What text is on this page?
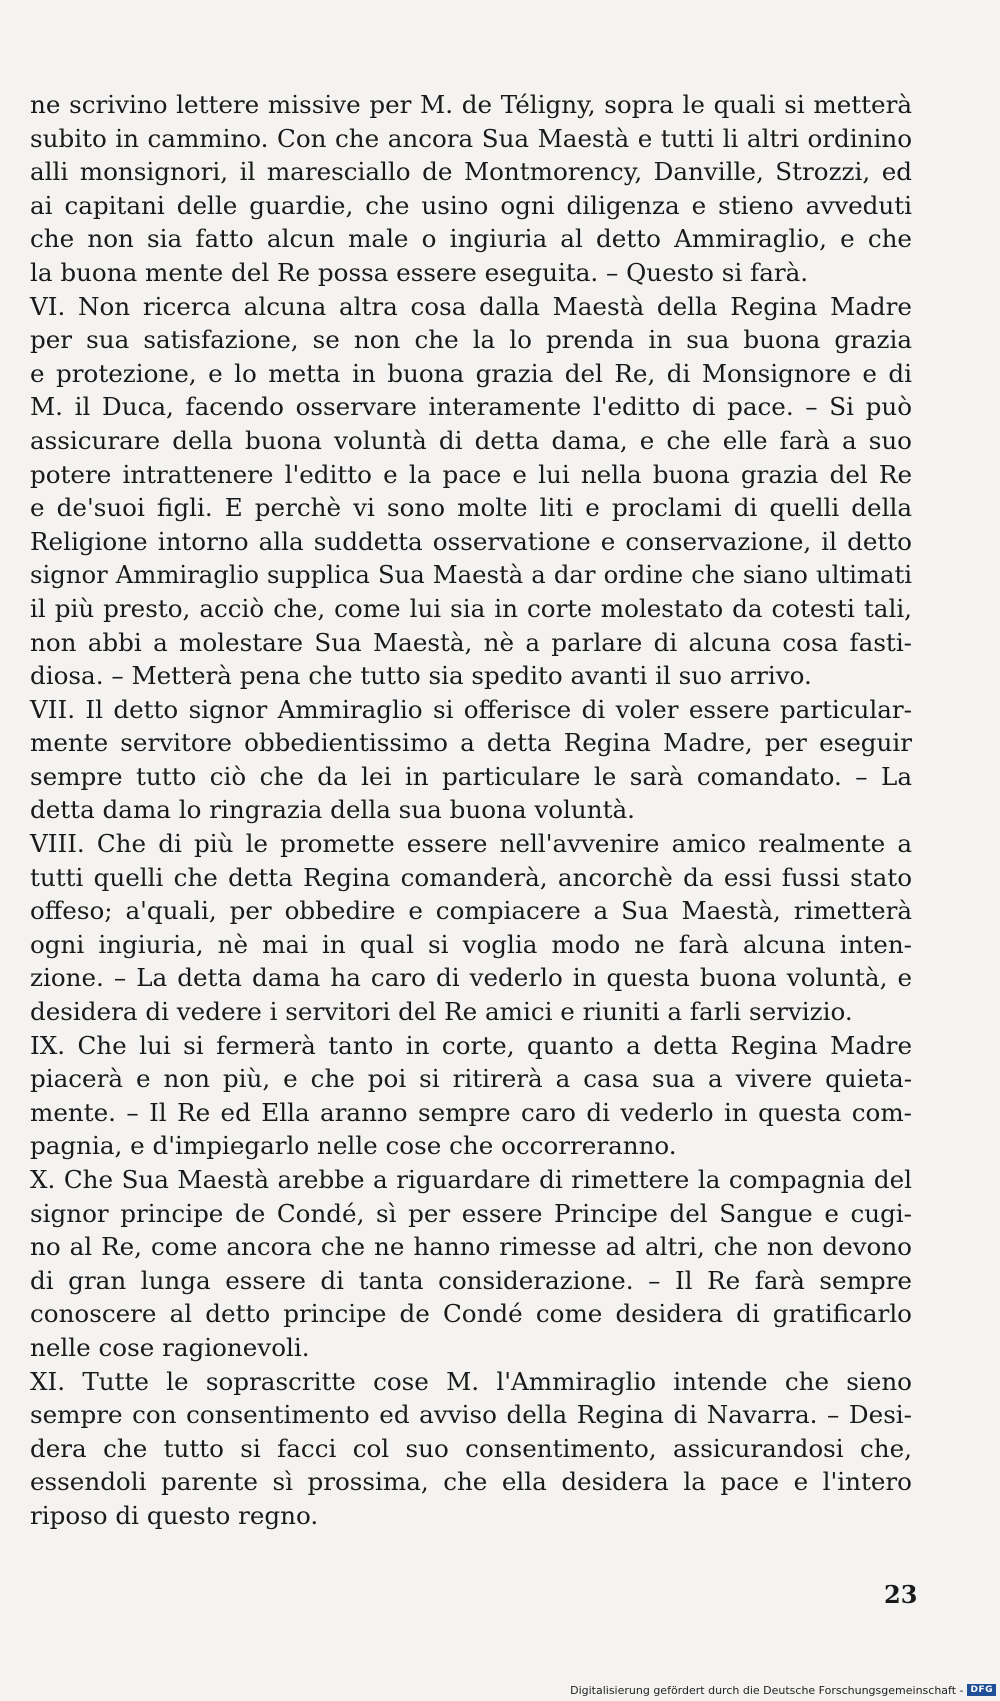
ne scrivino lettere missive per M. de Téligny, sopra le quali si metterà
subito in cammino. Con che ancora Sua Maestà e tutti li altri ordinino
alli monsignori, il maresciallo de Montmorency, Danville, Strozzi, ed
ai capitani delle guardie, che usino ogni diligenza e stieno avveduti
che non sia fatto alcun male o ingiuria al detto Ammiraglio, e che
la buona mente del Re possa essere eseguita. – Questo si farà.
VI. Non ricerca alcuna altra cosa dalla Maestà della Regina Madre
per sua satisfazione, se non che la lo prenda in sua buona grazia
e protezione, e lo metta in buona grazia del Re, di Monsignore e di
M. il Duca, facendo osservare interamente l'editto di pace. – Si può
assicurare della buona voluntà di detta dama, e che elle farà a suo
potere intrattenere l'editto e la pace e lui nella buona grazia del Re
e de'suoi figli. E perchè vi sono molte liti e proclami di quelli della
Religione intorno alla suddetta osservatione e conservazione, il detto
signor Ammiraglio supplica Sua Maestà a dar ordine che siano ultimati
il più presto, acciò che, come lui sia in corte molestato da cotesti tali,
non abbi a molestare Sua Maestà, nè a parlare di alcuna cosa fasti-
diosa. – Metterà pena che tutto sia spedito avanti il suo arrivo.
VII. Il detto signor Ammiraglio si offerisce di voler essere particular-
mente servitore obbedientissimo a detta Regina Madre, per eseguir
sempre tutto ciò che da lei in particulare le sarà comandato. – La
detta dama lo ringrazia della sua buona voluntà.
VIII. Che di più le promette essere nell'avvenire amico realmente a
tutti quelli che detta Regina comanderà, ancorchè da essi fussi stato
offeso; a'quali, per obbedire e compiacere a Sua Maestà, rimetterà
ogni ingiuria, nè mai in qual si voglia modo ne farà alcuna inten-
zione. – La detta dama ha caro di vederlo in questa buona voluntà, e
desidera di vedere i servitori del Re amici e riuniti a farli servizio.
IX. Che lui si fermerà tanto in corte, quanto a detta Regina Madre
piacerà e non più, e che poi si ritirerà a casa sua a vivere quieta-
mente. – Il Re ed Ella aranno sempre caro di vederlo in questa com-
pagnia, e d'impiegarlo nelle cose che occorreranno.
X. Che Sua Maestà arebbe a riguardare di rimettere la compagnia del
signor principe de Condé, sì per essere Principe del Sangue e cugi-
no al Re, come ancora che ne hanno rimesse ad altri, che non devono
di gran lunga essere di tanta considerazione. – Il Re farà sempre
conoscere al detto principe de Condé come desidera di gratificarlo
nelle cose ragionevoli.
XI. Tutte le soprascritte cose M. l'Ammiraglio intende che sieno
sempre con consentimento ed avviso della Regina di Navarra. – Desi-
dera che tutto si facci col suo consentimento, assicurandosi che,
essendoli parente sì prossima, che ella desidera la pace e l'intero
riposo di questo regno.
23
Digitalisierung gefördert durch die Deutsche Forschungsgemeinschaft - DFG
